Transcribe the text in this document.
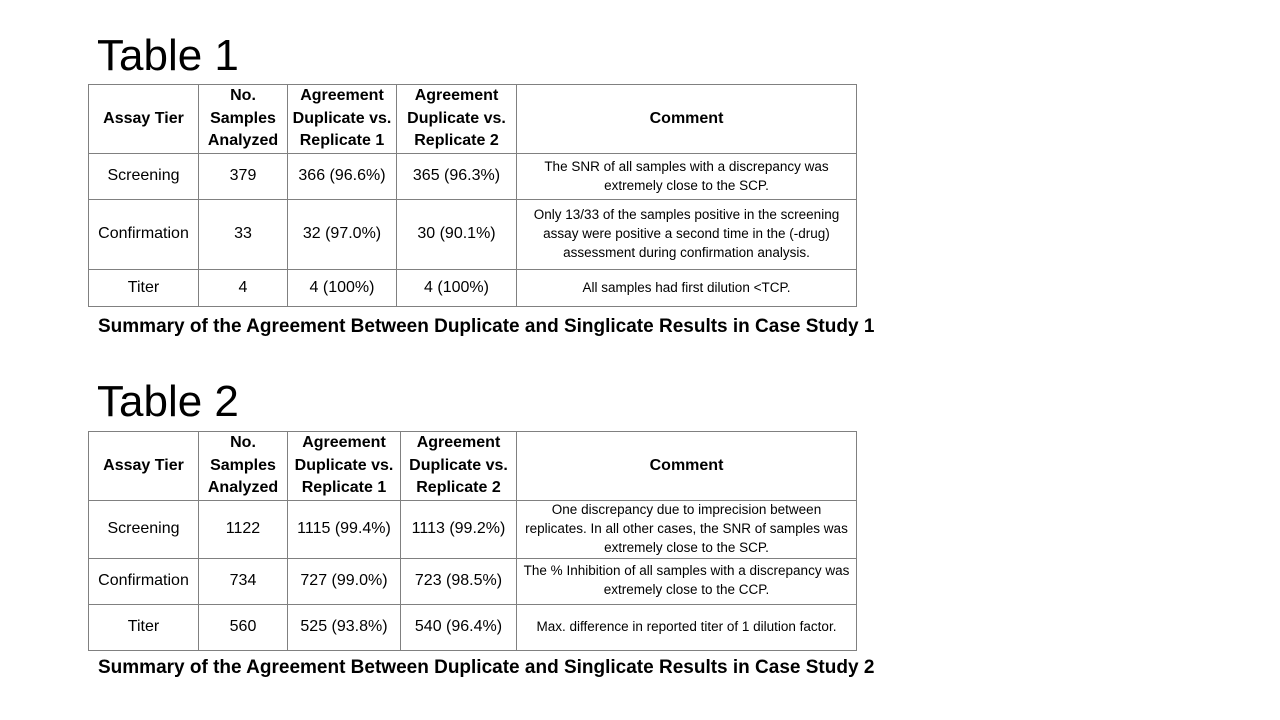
Table 1
Assay Tier	No. Samples Analyzed	Agreement Duplicate vs. Replicate 1	Agreement Duplicate vs. Replicate 2	Comment
Screening	379	366 (96.6%)	365 (96.3%)	The SNR of all samples with a discrepancy was extremely close to the SCP.
Confirmation	33	32 (97.0%)	30 (90.1%)	Only 13/33 of the samples positive in the screening assay were positive a second time in the (-drug) assessment during confirmation analysis.
Titer	4	4 (100%)	4 (100%)	All samples had first dilution <TCP.

Summary of the Agreement Between Duplicate and Singlicate Results in Case Study 1

Table 2
Assay Tier	No. Samples Analyzed	Agreement Duplicate vs. Replicate 1	Agreement Duplicate vs. Replicate 2	Comment
Screening	1122	1115 (99.4%)	1113 (99.2%)	One discrepancy due to imprecision between replicates. In all other cases, the SNR of samples was extremely close to the SCP.
Confirmation	734	727 (99.0%)	723 (98.5%)	The % Inhibition of all samples with a discrepancy was extremely close to the CCP.
Titer	560	525 (93.8%)	540 (96.4%)	Max. difference in reported titer of 1 dilution factor.

Summary of the Agreement Between Duplicate and Singlicate Results in Case Study 2
